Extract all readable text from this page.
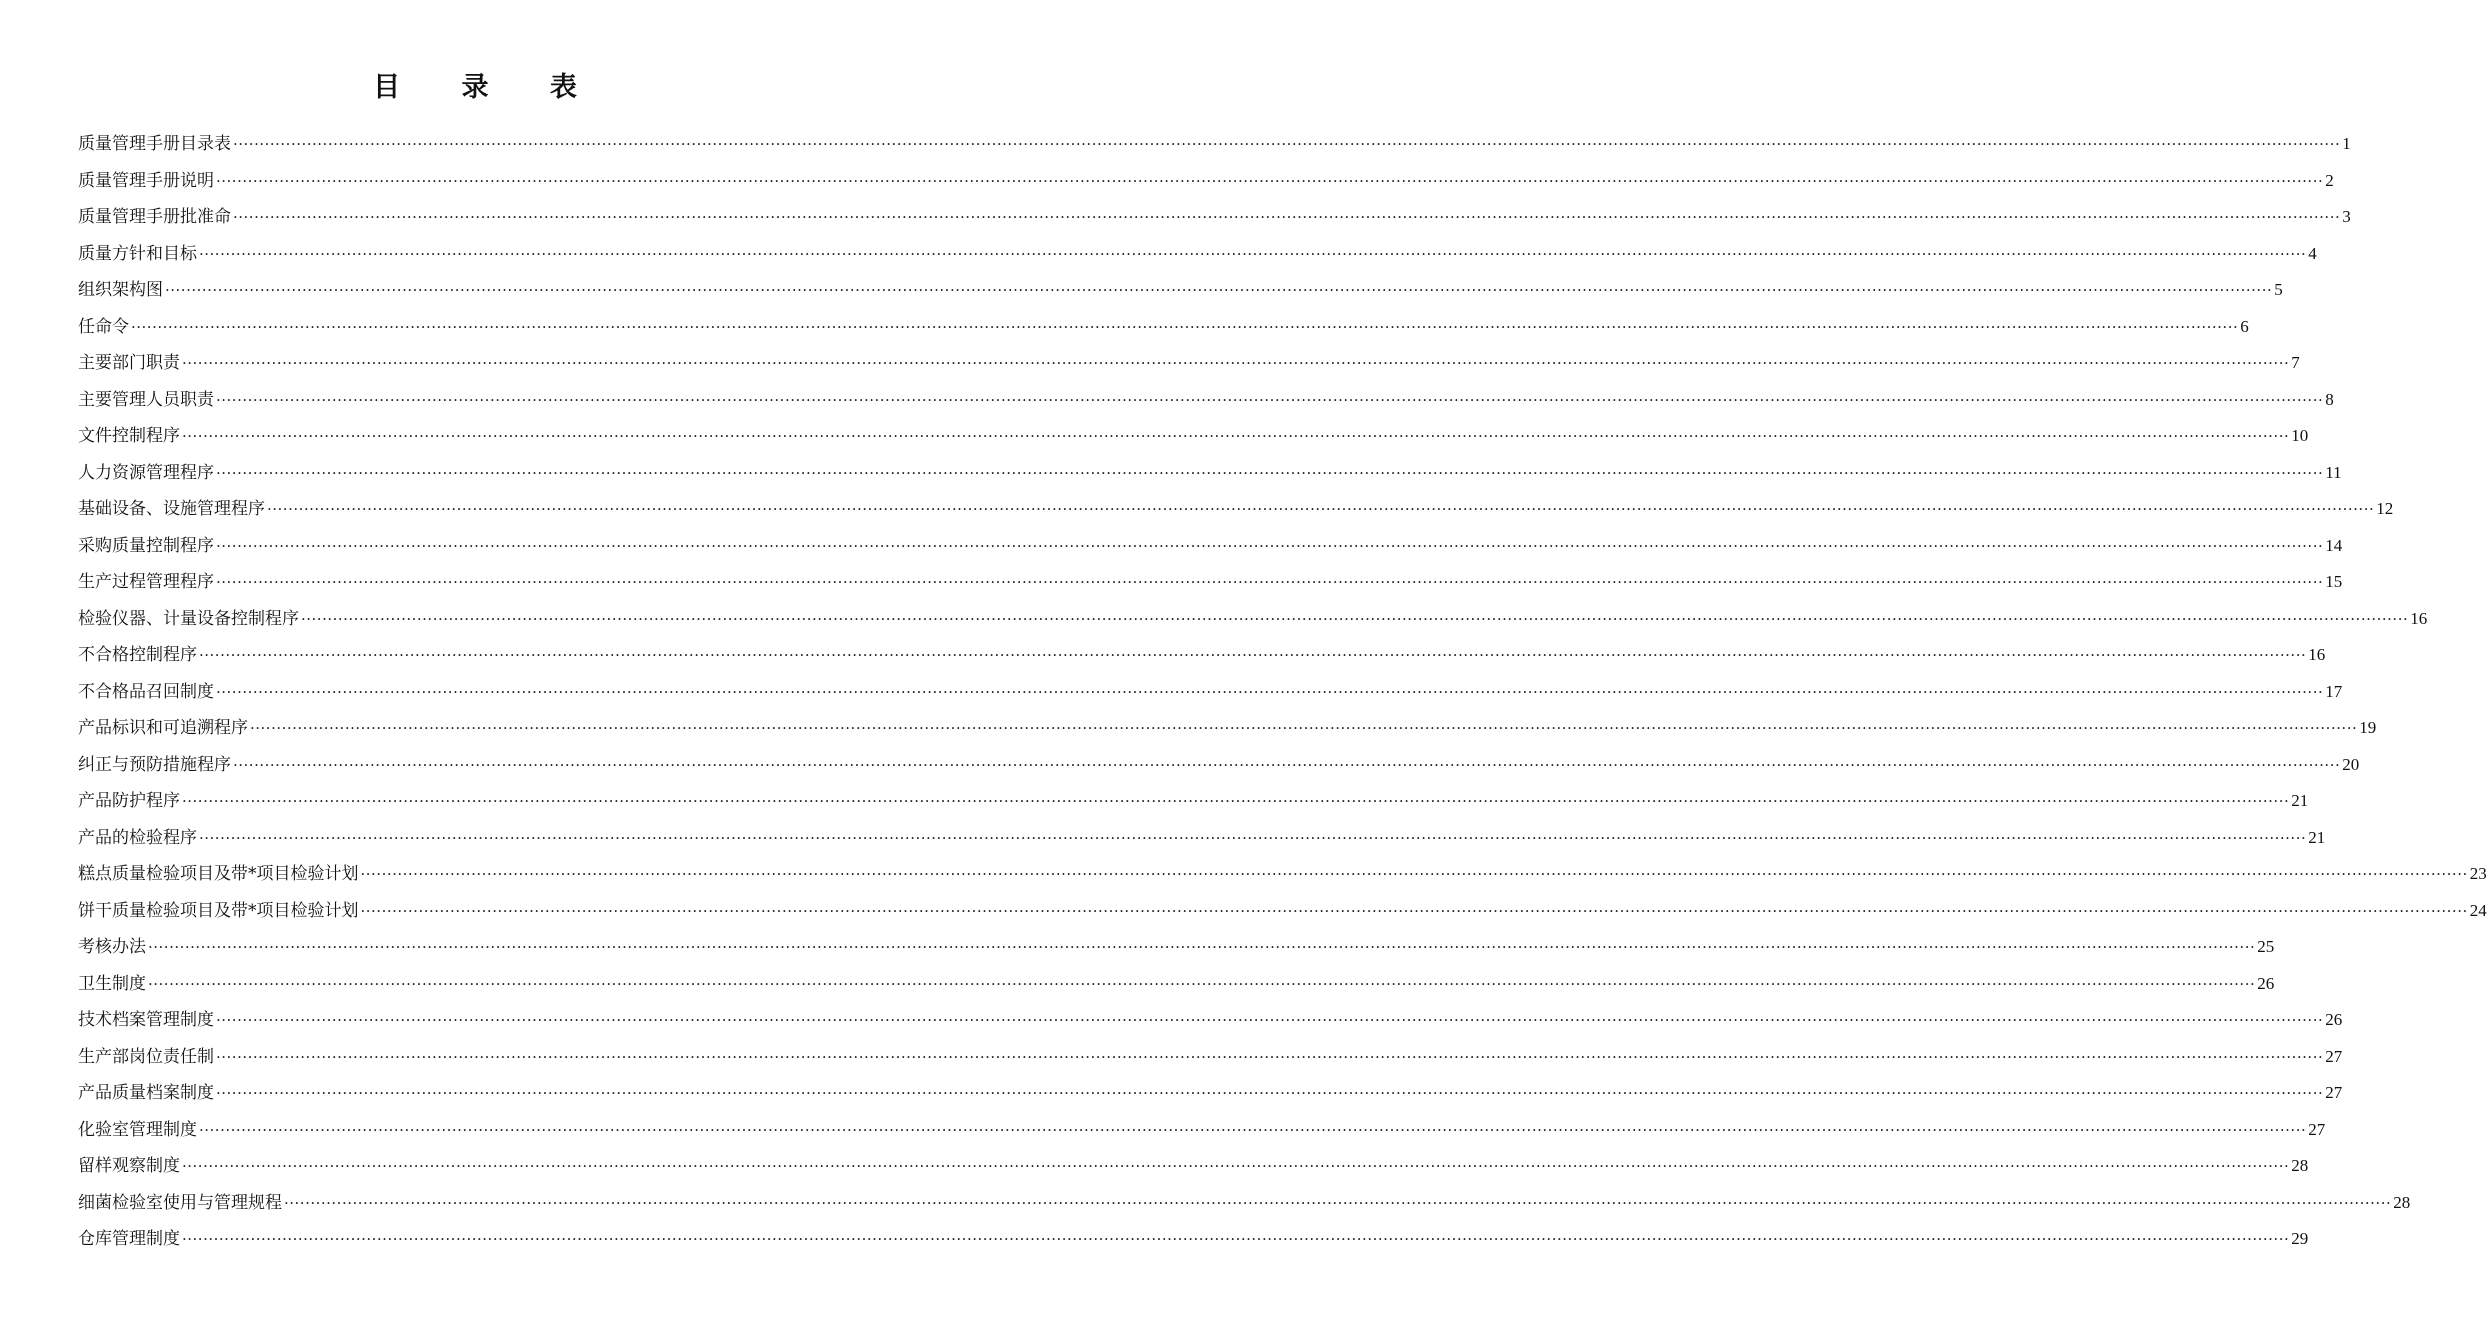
目 录 表
质量管理手册目录表 ················································································································································································································································································································································································································ 1
质量管理手册说明 ················································································································································································································································································································································································································ 2
质量管理手册批准命 ················································································································································································································································································································································································································ 3
质量方针和目标 ················································································································································································································································································································································································································ 4
组织架构图 ················································································································································································································································································································································································································ 5
任命令 ················································································································································································································································································································································································································ 6
主要部门职责 ················································································································································································································································································································································································································ 7
主要管理人员职责 ················································································································································································································································································································································································································ 8
文件控制程序 ················································································································································································································································································································································································································ 10
人力资源管理程序 ················································································································································································································································································································································································································ 11
基础设备、设施管理程序 ················································································································································································································································································································································································································ 12
采购质量控制程序 ················································································································································································································································································································································································································ 14
生产过程管理程序 ················································································································································································································································································································································································································ 15
检验仪器、计量设备控制程序 ················································································································································································································································································································································································································ 16
不合格控制程序 ················································································································································································································································································································································································································ 16
不合格品召回制度 ················································································································································································································································································································································································································ 17
产品标识和可追溯程序 ················································································································································································································································································································································································································ 19
纠正与预防措施程序 ················································································································································································································································································································································································································ 20
产品防护程序 ················································································································································································································································································································································································································ 21
产品的检验程序 ················································································································································································································································································································································································································ 21
糕点质量检验项目及带*项目检验计划 ················································································································································································································································································································································································································ 23
饼干质量检验项目及带*项目检验计划 ················································································································································································································································································································································································································ 24
考核办法 ················································································································································································································································································································································································································ 25
卫生制度 ················································································································································································································································································································································································································ 26
技术档案管理制度 ················································································································································································································································································································································································································ 26
生产部岗位责任制 ················································································································································································································································································································································································································ 27
产品质量档案制度 ················································································································································································································································································································································································································ 27
化验室管理制度 ················································································································································································································································································································································································································ 27
留样观察制度 ················································································································································································································································································································································································································ 28
细菌检验室使用与管理规程 ················································································································································································································································································································································································································ 28
仓库管理制度 ················································································································································································································································································································································································································ 29
